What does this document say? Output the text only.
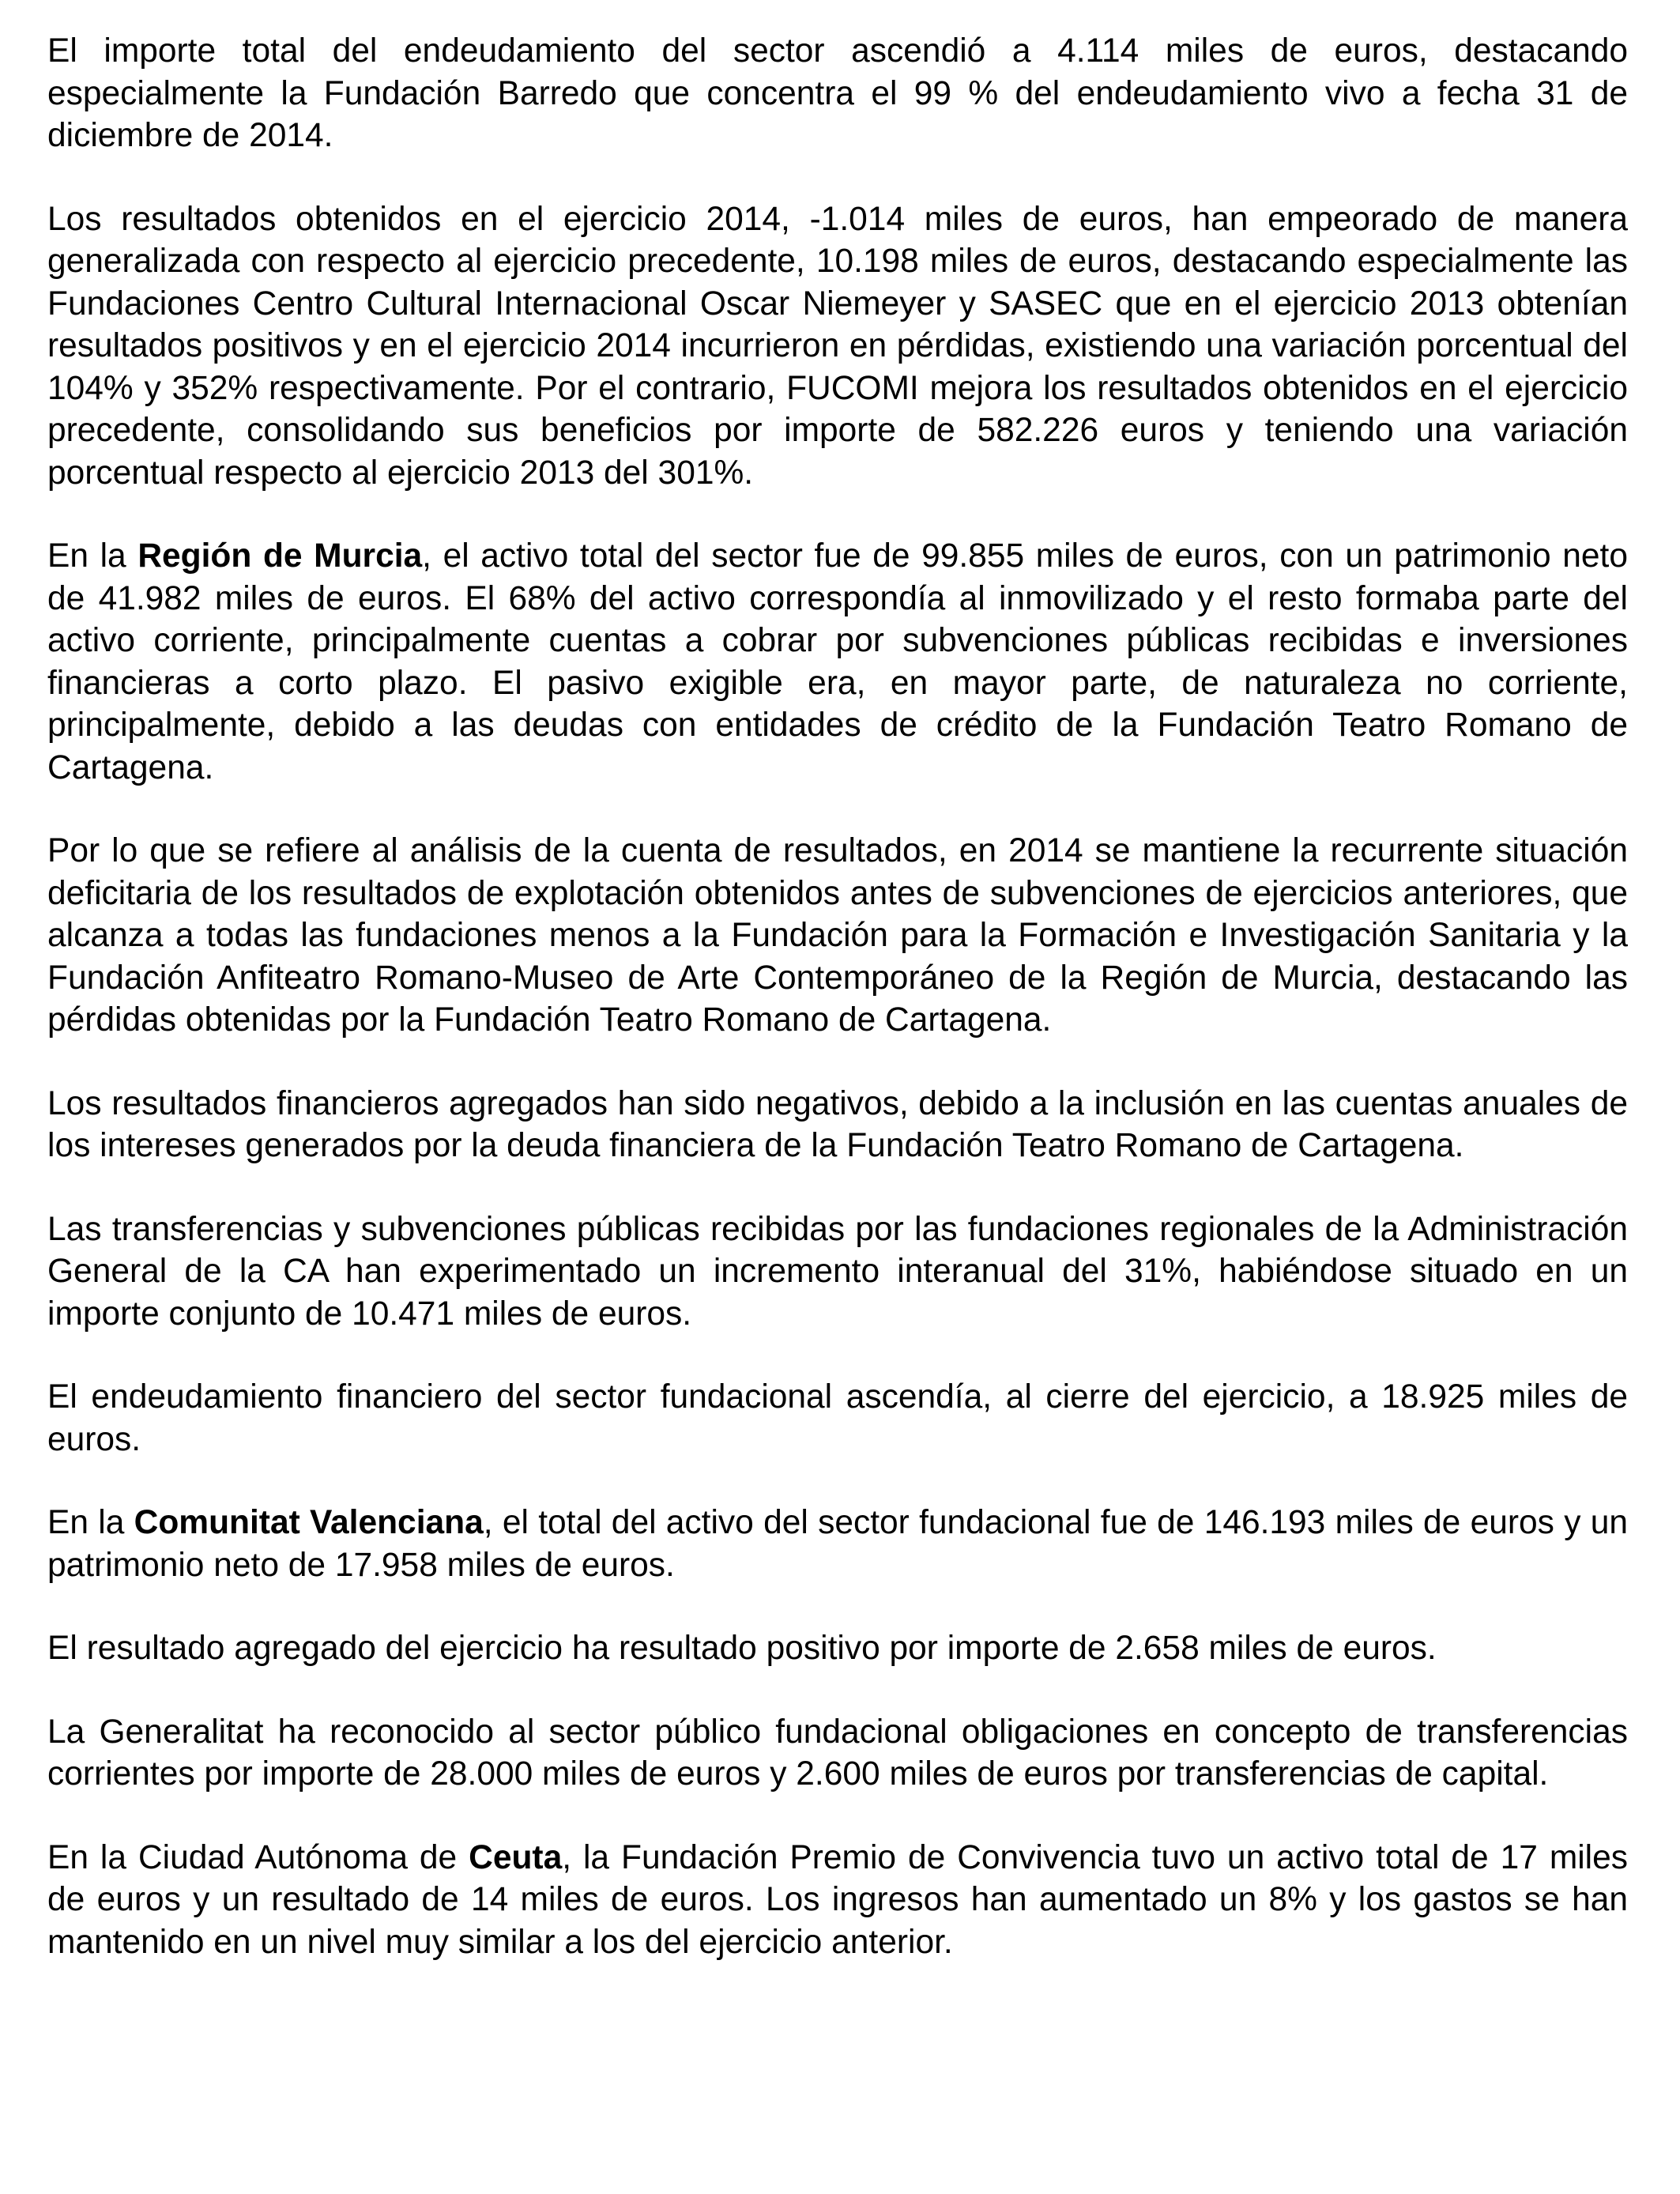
El importe total del endeudamiento del sector ascendió a 4.114 miles de euros, destacando especialmente la Fundación Barredo que concentra el 99 % del endeudamiento vivo a fecha 31 de diciembre de 2014.

Los resultados obtenidos en el ejercicio 2014, -1.014 miles de euros, han empeorado de manera generalizada con respecto al ejercicio precedente, 10.198 miles de euros, destacando especialmente las Fundaciones Centro Cultural Internacional Oscar Niemeyer y SASEC que en el ejercicio 2013 obtenían resultados positivos y en el ejercicio 2014 incurrieron en pérdidas, existiendo una variación porcentual del 104% y 352% respectivamente. Por el contrario, FUCOMI mejora los resultados obtenidos en el ejercicio precedente, consolidando sus beneficios por importe de 582.226 euros y teniendo una variación porcentual respecto al ejercicio 2013 del 301%.

En la Región de Murcia, el activo total del sector fue de 99.855 miles de euros, con un patrimonio neto de 41.982 miles de euros. El 68% del activo correspondía al inmovilizado y el resto formaba parte del activo corriente, principalmente cuentas a cobrar por subvenciones públicas recibidas e inversiones financieras a corto plazo. El pasivo exigible era, en mayor parte, de naturaleza no corriente, principalmente, debido a las deudas con entidades de crédito de la Fundación Teatro Romano de Cartagena.

Por lo que se refiere al análisis de la cuenta de resultados, en 2014 se mantiene la recurrente situación deficitaria de los resultados de explotación obtenidos antes de subvenciones de ejercicios anteriores, que alcanza a todas las fundaciones menos a la Fundación para la Formación e Investigación Sanitaria y la Fundación Anfiteatro Romano-Museo de Arte Contemporáneo de la Región de Murcia, destacando las pérdidas obtenidas por la Fundación Teatro Romano de Cartagena.

Los resultados financieros agregados han sido negativos, debido a la inclusión en las cuentas anuales de los intereses generados por la deuda financiera de la Fundación Teatro Romano de Cartagena.

Las transferencias y subvenciones públicas recibidas por las fundaciones regionales de la Administración General de la CA han experimentado un incremento interanual del 31%, habiéndose situado en un importe conjunto de 10.471 miles de euros.

El endeudamiento financiero del sector fundacional ascendía, al cierre del ejercicio, a 18.925 miles de euros.

En la Comunitat Valenciana, el total del activo del sector fundacional fue de 146.193 miles de euros y un patrimonio neto de 17.958 miles de euros.

El resultado agregado del ejercicio ha resultado positivo por importe de 2.658 miles de euros.

La Generalitat ha reconocido al sector público fundacional obligaciones en concepto de transferencias corrientes por importe de 28.000 miles de euros y 2.600 miles de euros por transferencias de capital.

En la Ciudad Autónoma de Ceuta, la Fundación Premio de Convivencia tuvo un activo total de 17 miles de euros y un resultado de 14 miles de euros. Los ingresos han aumentado un 8% y los gastos se han mantenido en un nivel muy similar a los del ejercicio anterior.
